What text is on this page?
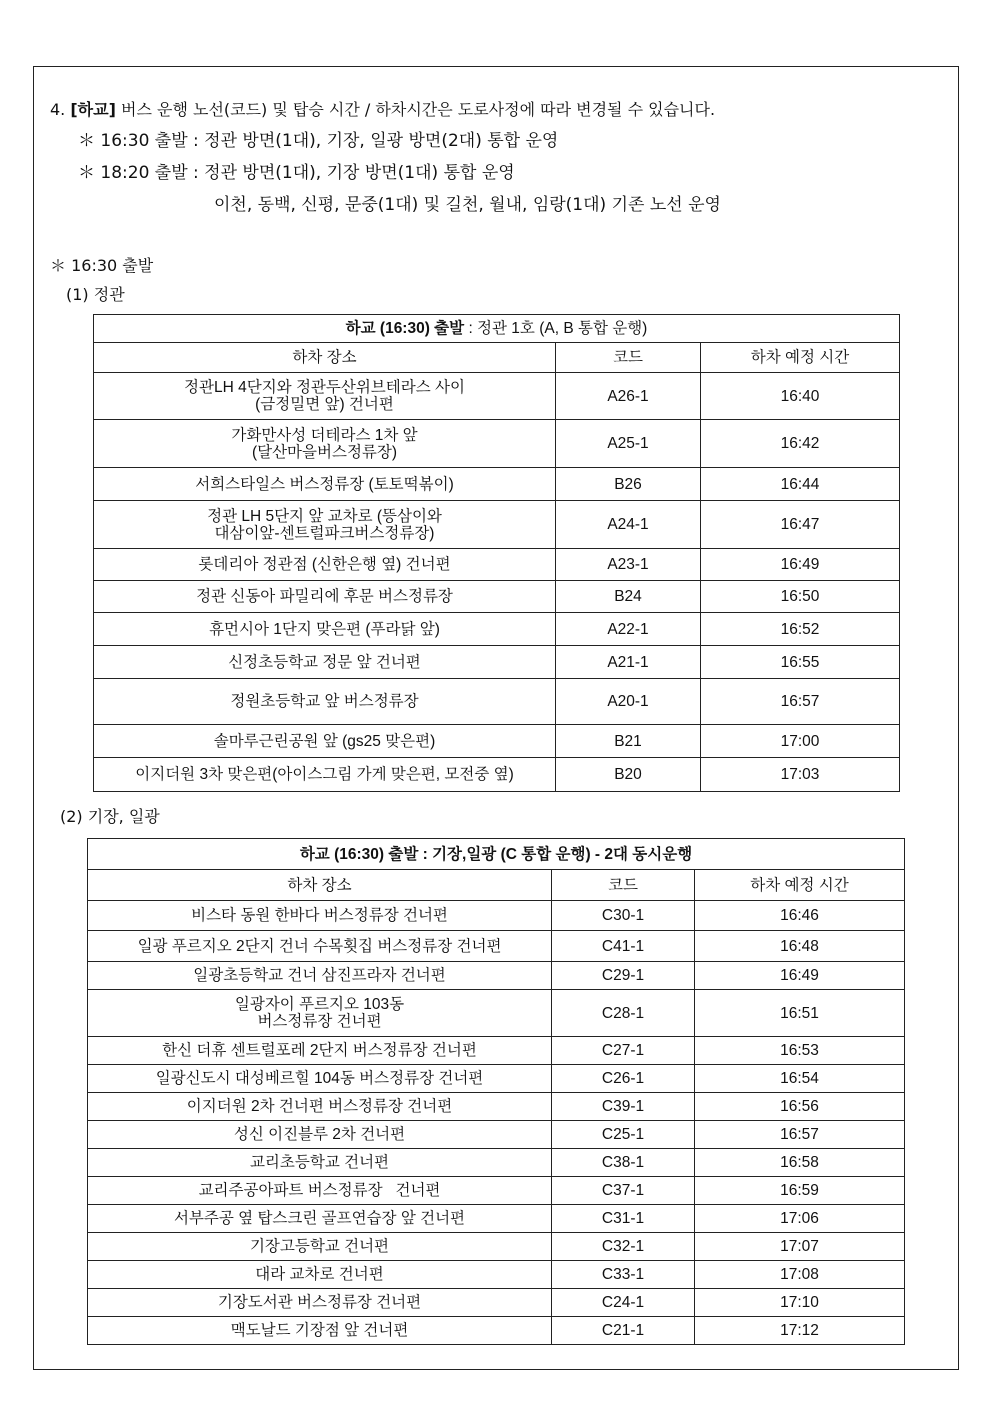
4. [하교] 버스 운행 노선(코드) 및 탑승 시간 / 하차시간은 도로사정에 따라 변경될 수 있습니다.
＊ 16:30 출발 : 정관 방면(1대), 기장, 일광 방면(2대) 통합 운영
＊ 18:20 출발 : 정관 방면(1대), 기장 방면(1대) 통합 운영
이천, 동백, 신평, 문중(1대) 및 길천, 월내, 임랑(1대) 기존 노선 운영
＊ 16:30 출발
(1) 정관
하교 (16:30) 출발 : 정관 1호 (A, B 통합 운행)		
하차 장소	코드	하차 예정 시간
정관LH 4단지와 정관두산위브테라스 사이
(금정밀면 앞) 건너편	A26-1	16:40
가화만사성 더테라스 1차 앞
(달산마을버스정류장)	A25-1	16:42
서희스타일스 버스정류장 (토토떡볶이)	B26	16:44
정관 LH 5단지 앞 교차로 (뜽삼이와
대삼이앞-센트럴파크버스정류장)	A24-1	16:47
롯데리아 정관점 (신한은행 옆) 건너편	A23-1	16:49
정관 신동아 파밀리에 후문 버스정류장	B24	16:50
휴먼시아 1단지 맞은편 (푸라닭 앞)	A22-1	16:52
신정초등학교 정문 앞 건너편	A21-1	16:55
정원초등학교 앞 버스정류장	A20-1	16:57
솔마루근린공원 앞 (gs25 맞은편)	B21	17:00
이지더원 3차 맞은편(아이스그림 가게 맞은편, 모전중 옆)	B20	17:03
(2) 기장, 일광
하교 (16:30) 출발 : 기장,일광 (C 통합 운행) - 2대 동시운행		
하차 장소	코드	하차 예정 시간
비스타 동원 한바다 버스정류장 건너편	C30-1	16:46
일광 푸르지오 2단지 건너 수목횟집 버스정류장 건너편	C41-1	16:48
일광초등학교 건너 삼진프라자 건너편	C29-1	16:49
일광자이 푸르지오 103동
버스정류장 건너편	C28-1	16:51
한신 더휴 센트럴포레 2단지 버스정류장 건너편	C27-1	16:53
일광신도시 대성베르힐 104동 버스정류장 건너편	C26-1	16:54
이지더원 2차 건너편 버스정류장 건너편	C39-1	16:56
성신 이진블루 2차 건너편	C25-1	16:57
교리초등학교 건너편	C38-1	16:58
교리주공아파트 버스정류장   건너편	C37-1	16:59
서부주공 옆 탑스크린 골프연습장 앞 건너편	C31-1	17:06
기장고등학교 건너편	C32-1	17:07
대라 교차로 건너편	C33-1	17:08
기장도서관 버스정류장 건너편	C24-1	17:10
맥도날드 기장점 앞 건너편	C21-1	17:12
